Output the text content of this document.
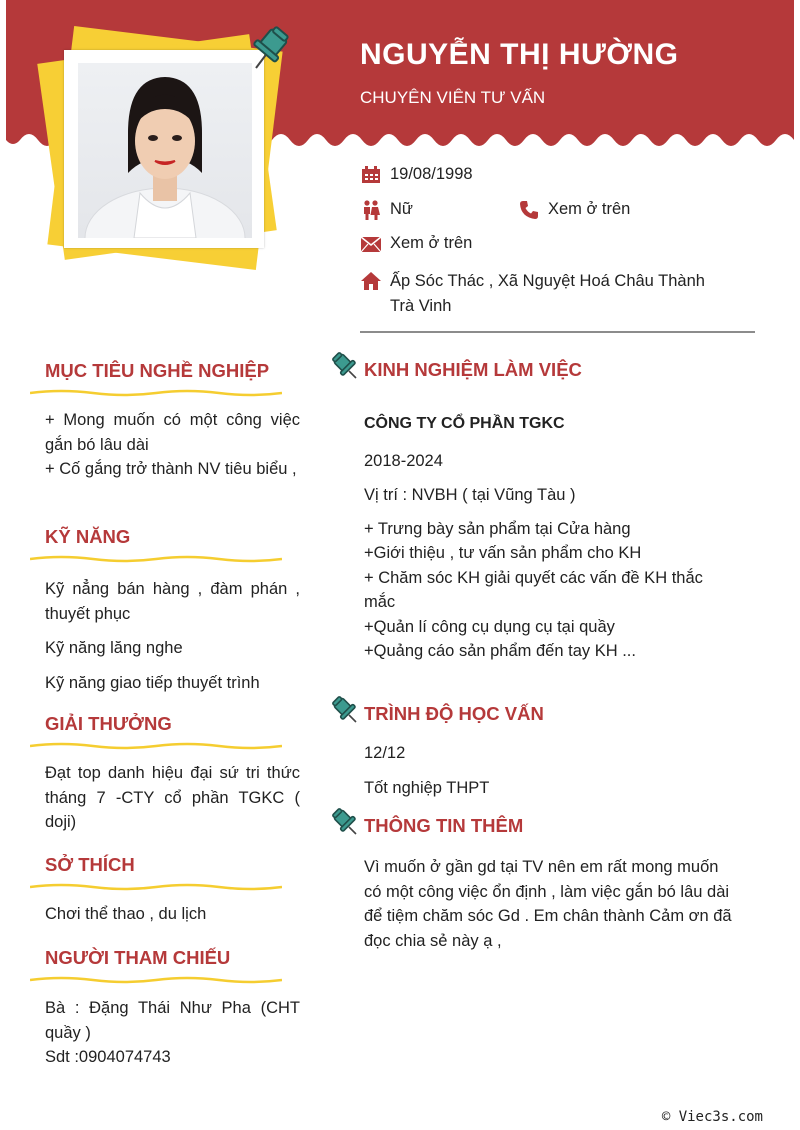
NGUYỄN THỊ HƯỜNG
CHUYÊN VIÊN TƯ VẤN
19/08/1998
Nữ	Xem ở trên
Xem ở trên
Ấp Sóc Thác , Xã Nguyệt Hoá Châu Thành
Trà Vinh
MỤC TIÊU NGHỀ NGHIỆP
+ Mong muốn có một công việc gắn bó lâu dài
+ Cố gắng trở thành NV tiêu biểu ,
KỸ NĂNG
Kỹ nẳng bán hàng , đàm phán , thuyết phục
Kỹ năng lăng nghe
Kỹ năng giao tiếp thuyết trình
GIẢI THƯỞNG
Đạt top danh hiệu đại sứ tri thức tháng 7 -CTY cổ phần TGKC ( doji)
SỞ THÍCH
Chơi thể thao , du lịch
NGƯỜI THAM CHIẾU
Bà : Đặng Thái Như Pha (CHT quầy )
Sdt :0904074743
KINH NGHIỆM LÀM VIỆC
CÔNG TY CỔ PHẦN TGKC
2018-2024
Vị trí : NVBH ( tại Vũng Tàu )
+ Trưng bày sản phẩm tại Cửa hàng
+Giới thiệu , tư vấn sản phẩm cho KH
+ Chăm sóc KH giải quyết các vấn đề KH thắc mắc
+Quản lí công cụ dụng cụ tại quầy
+Quảng cáo sản phẩm đến tay KH ...
TRÌNH ĐỘ HỌC VẤN
12/12
Tốt nghiệp THPT
THÔNG TIN THÊM
Vì muốn ở gần gd tại TV nên em rất mong muốn có một công việc ổn định , làm việc gắn bó lâu dài để tiệm chăm sóc Gd . Em chân thành Cảm ơn đã đọc chia sẻ này ạ ,
© Viec3s.com
